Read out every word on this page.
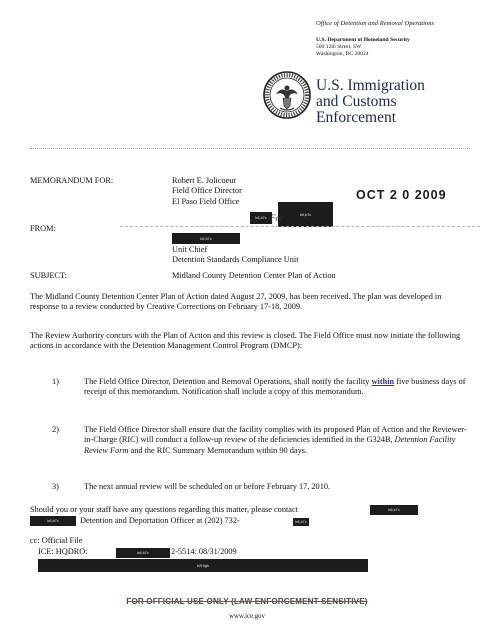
Office of Detention and Removal Operations
U.S. Department of Homeland Security
500 12th Street, SW
Washington, DC 20024
U.S. Immigration
and Customs
Enforcement
MEMORANDUM FOR:	Robert E. Jolicoeur
Field Office Director
El Paso Field Office	OCT 2 0 2009
b6,b7c
b6,b7c For
FROM:
b6,b7c
Unit Chief
Detention Standards Compliance Unit
SUBJECT:	Midland County Detention Center Plan of Action
The Midland County Detention Center Plan of Action dated August 27, 2009, has been received. The plan was developed in response to a review conducted by Creative Corrections on February 17-18, 2009.
The Review Authority concurs with the Plan of Action and this review is closed. The Field Office must now initiate the following actions in accordance with the Detention Management Control Program (DMCP):
1)	The Field Office Director, Detention and Removal Operations, shall notify the facility within five business days of receipt of this memorandum. Notification shall include a copy of this memorandum.
2)	The Field Office Director shall ensure that the facility complies with its proposed Plan of Action and the Reviewer-in-Charge (RIC) will conduct a follow-up review of the deficiencies identified in the G324B, Detention Facility Review Form and the RIC Summary Memorandum within 90 days.
3)	The next annual review will be scheduled on or before February 17, 2010.
Should you or your staff have any questions regarding this matter, please contact	b6,b7c
b6,b7c	Detention and Deportation Officer at (202) 732-	b6,b7c
cc: Official File
ICE: HQDRO:	b6,b7c	2-5514: 08/31/2009
b2High
FOR OFFICIAL USE ONLY (LAW ENFORCEMENT SENSITIVE)
www.ice.gov
